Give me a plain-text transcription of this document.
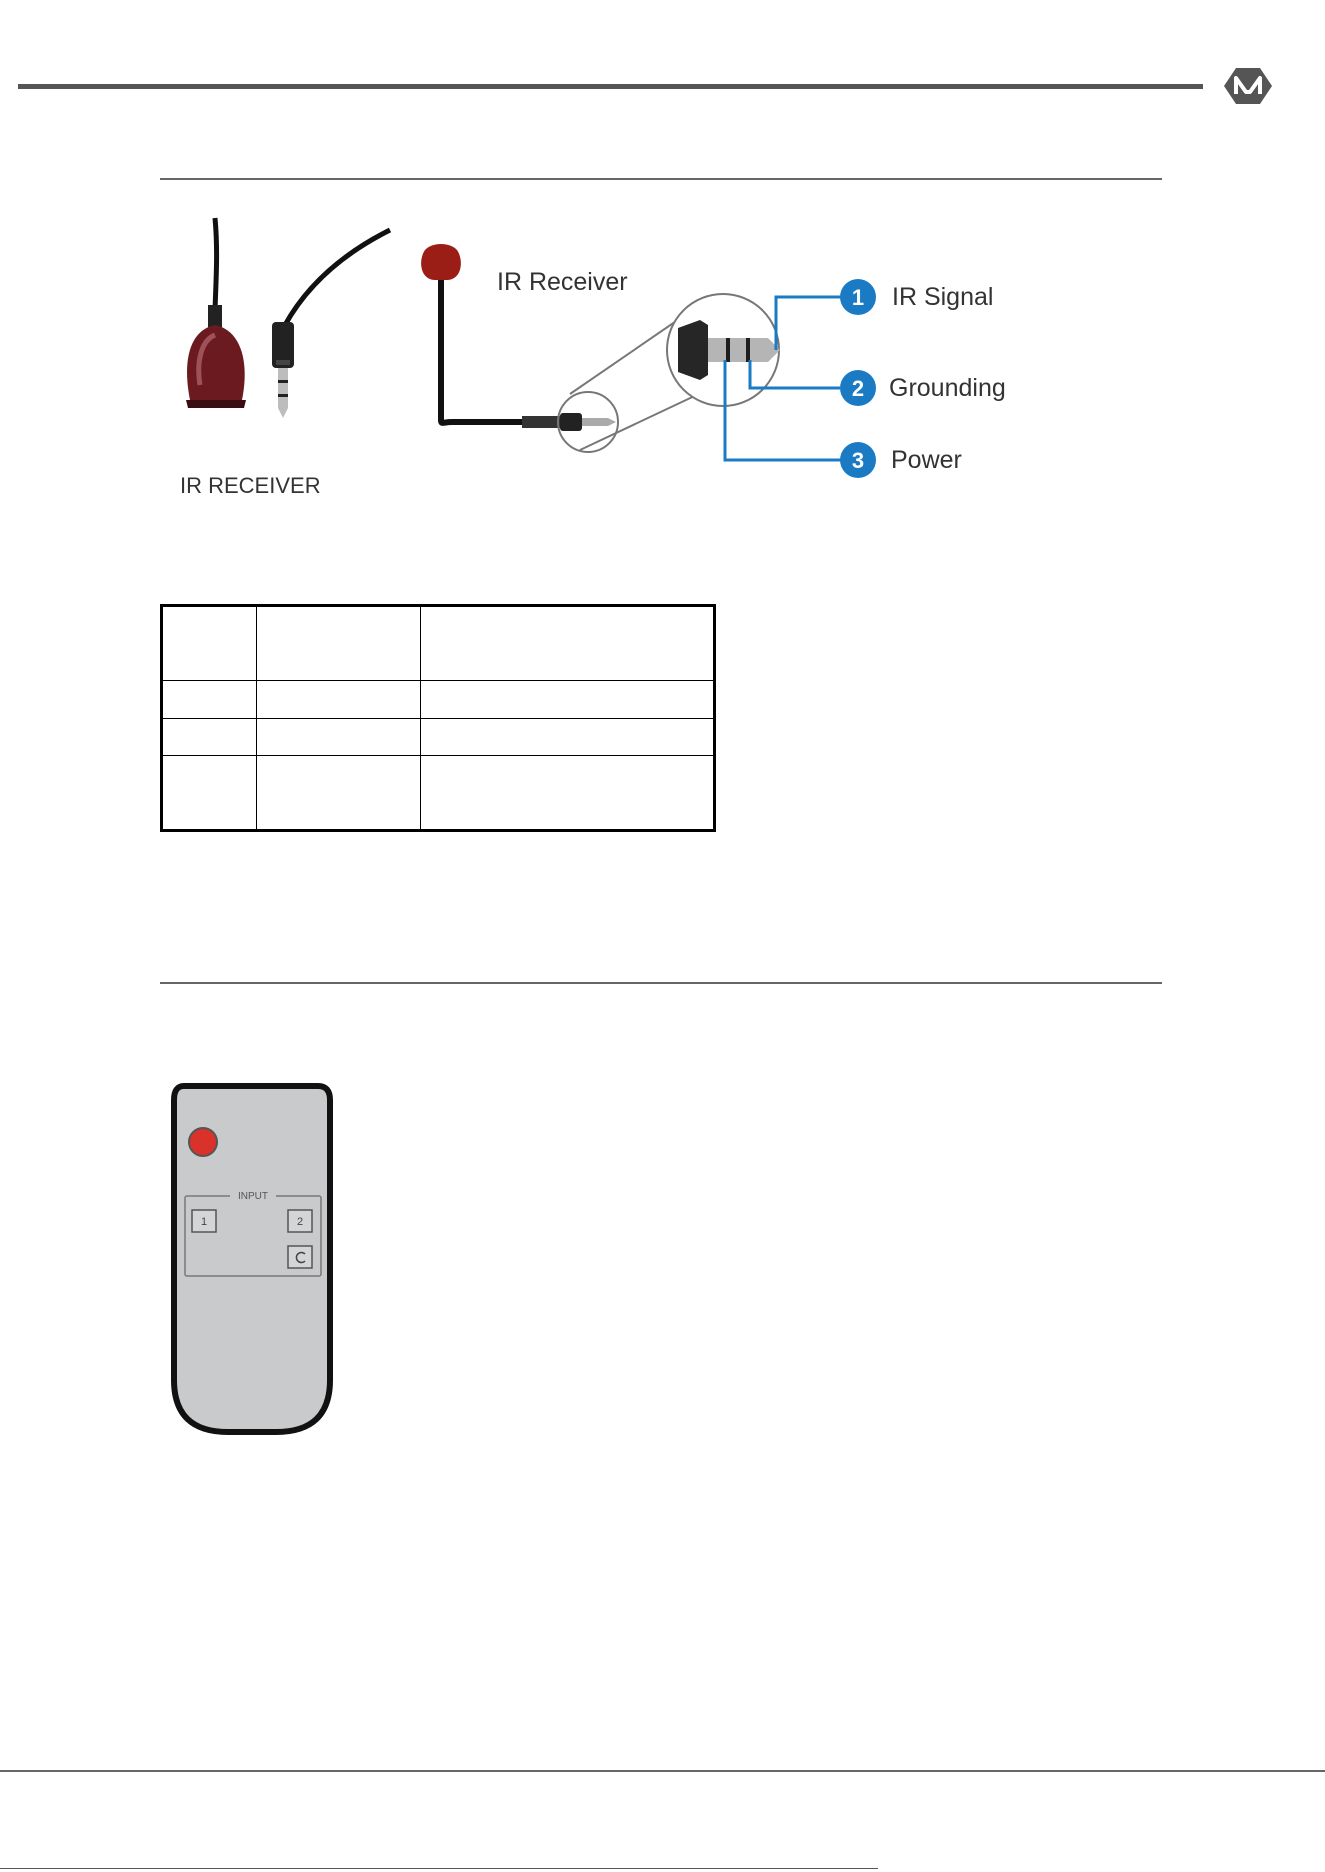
IR RECEIVER
IR Receiver
1 IR Signal
2 Grounding
3 Power

INPUT
1	2
